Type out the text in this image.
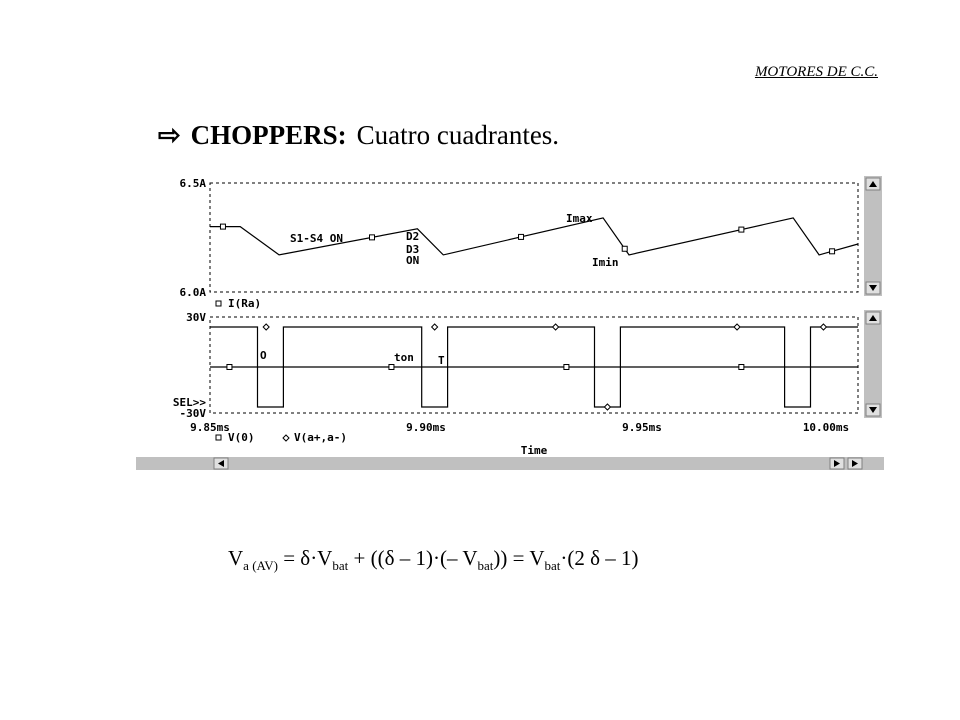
MOTORES DE C.C.
⇨ CHOPPERS: Cuatro cuadrantes.
6.5A
6.0A
30V
SEL>>
-30V
9.85ms	9.90ms	9.95ms	10.00ms
Time
I(Ra)
V(0)	V(a+,a-)
S1-S4 ON	D2
D3
ON
Imax
Imin
O	ton T
$V_{a (AV)} = \delta\cdot V_{bat} + ((\delta - 1)\cdot(-$ $V_{bat})) = V_{bat}\cdot(2$ δ – 1)
